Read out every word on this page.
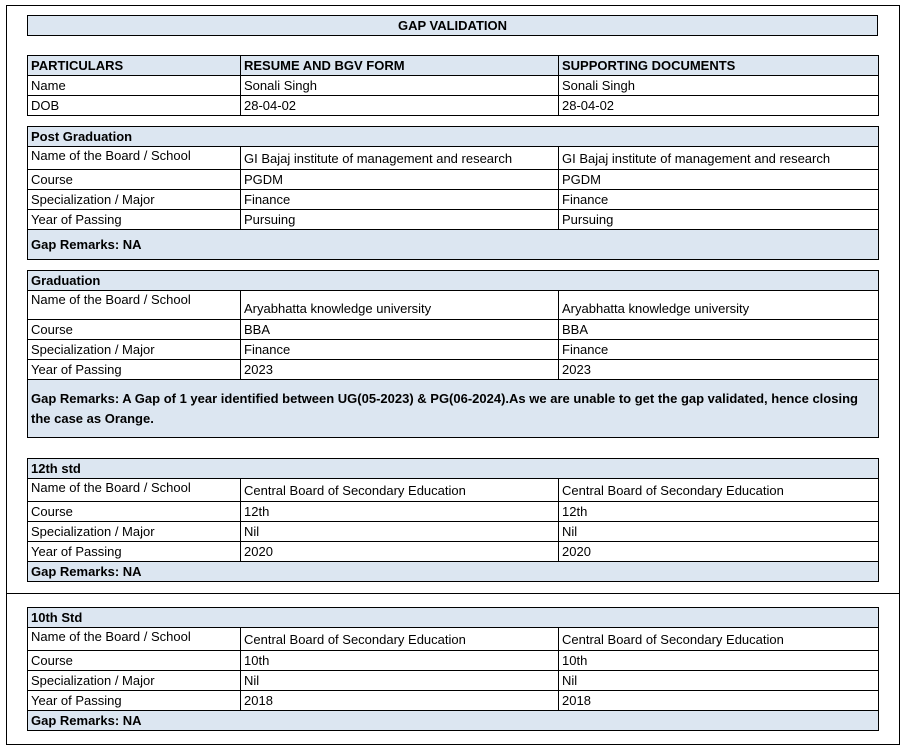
GAP VALIDATION
PARTICULARS	RESUME AND BGV FORM	SUPPORTING DOCUMENTS
Name	Sonali Singh	Sonali Singh
DOB	28-04-02	28-04-02
Post Graduation		
Name of the Board / School	GI Bajaj institute of management and research	GI Bajaj institute of management and research
Course	PGDM	PGDM
Specialization / Major	Finance	Finance
Year of Passing	Pursuing	Pursuing
Gap Remarks: NA		
Graduation		
Name of the Board / School	Aryabhatta knowledge university	Aryabhatta knowledge university
Course	BBA	BBA
Specialization / Major	Finance	Finance
Year of Passing	2023	2023
Gap Remarks: A Gap of 1 year identified between UG(05-2023) & PG(06-2024).As we are unable to get the gap validated, hence closing the case as Orange.		
12th std		
Name of the Board / School	Central Board of Secondary Education	Central Board of Secondary Education
Course	12th	12th
Specialization / Major	Nil	Nil
Year of Passing	2020	2020
Gap Remarks: NA		
10th Std		
Name of the Board / School	Central Board of Secondary Education	Central Board of Secondary Education
Course	10th	10th
Specialization / Major	Nil	Nil
Year of Passing	2018	2018
Gap Remarks: NA		
